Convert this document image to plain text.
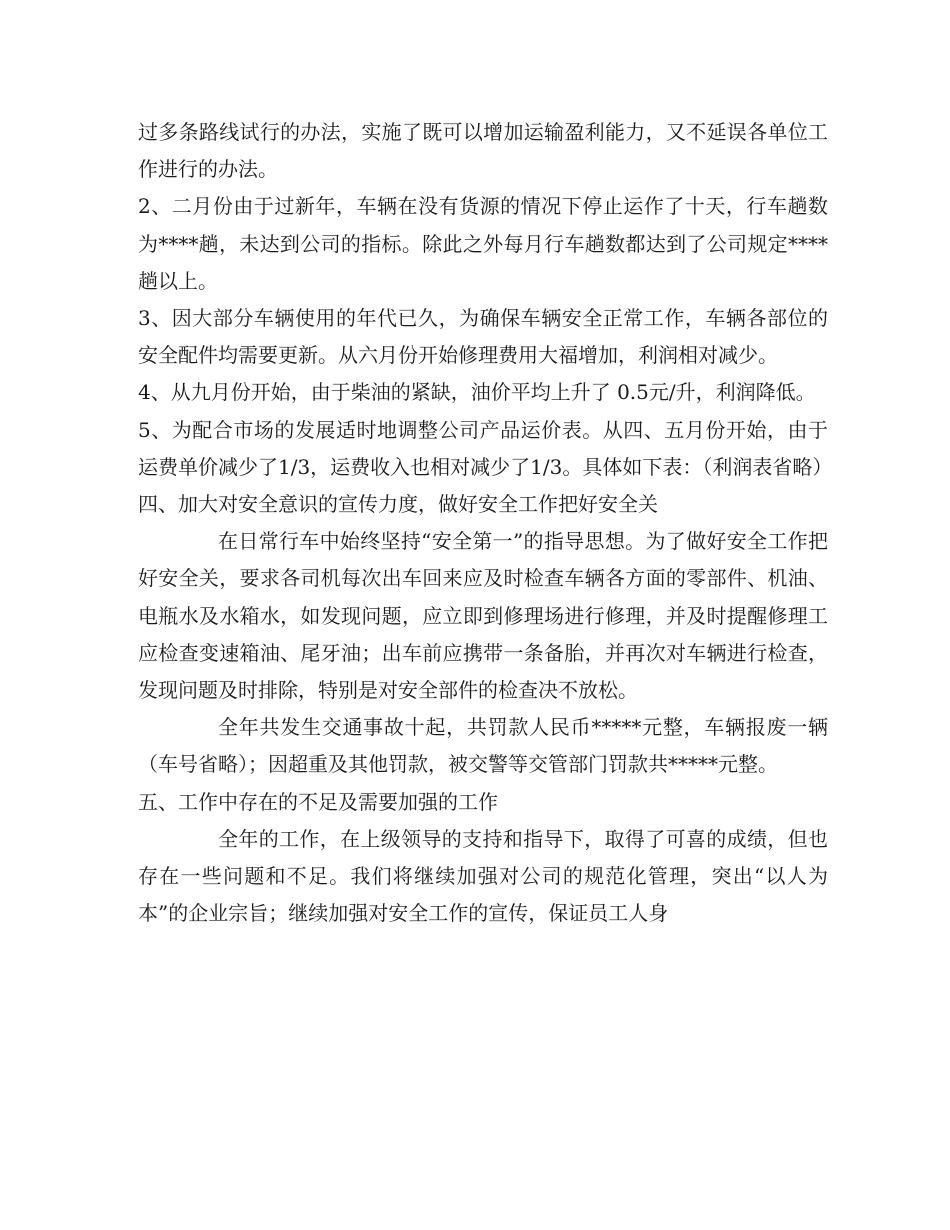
过多条路线试行的办法，实施了既可以增加运输盈利能力，又不延误各单位工作进行的办法。

2、二月份由于过新年，车辆在没有货源的情况下停止运作了十天，行车趟数为****趟，未达到公司的指标。除此之外每月行车趟数都达到了公司规定****趟以上。

3、因大部分车辆使用的年代已久，为确保车辆安全正常工作，车辆各部位的安全配件均需要更新。从六月份开始修理费用大福增加，利润相对减少。

4、从九月份开始，由于柴油的紧缺，油价平均上升了 0.5元/升，利润降低。

5、为配合市场的发展适时地调整公司产品运价表。从四、五月份开始，由于运费单价减少了1/3，运费收入也相对减少了1/3。具体如下表：（利润表省略）

四、加大对安全意识的宣传力度，做好安全工作把好安全关

在日常行车中始终坚持“安全第一”的指导思想。为了做好安全工作把好安全关，要求各司机每次出车回来应及时检查车辆各方面的零部件、机油、电瓶水及水箱水，如发现问题，应立即到修理场进行修理，并及时提醒修理工应检查变速箱油、尾牙油；出车前应携带一条备胎，并再次对车辆进行检查，发现问题及时排除，特别是对安全部件的检查决不放松。

全年共发生交通事故十起，共罚款人民币*****元整，车辆报废一辆（车号省略）；因超重及其他罚款，被交警等交管部门罚款共*****元整。

五、工作中存在的不足及需要加强的工作

全年的工作，在上级领导的支持和指导下，取得了可喜的成绩，但也存在一些问题和不足。我们将继续加强对公司的规范化管理，突出“以人为本”的企业宗旨；继续加强对安全工作的宣传，保证员工人身
